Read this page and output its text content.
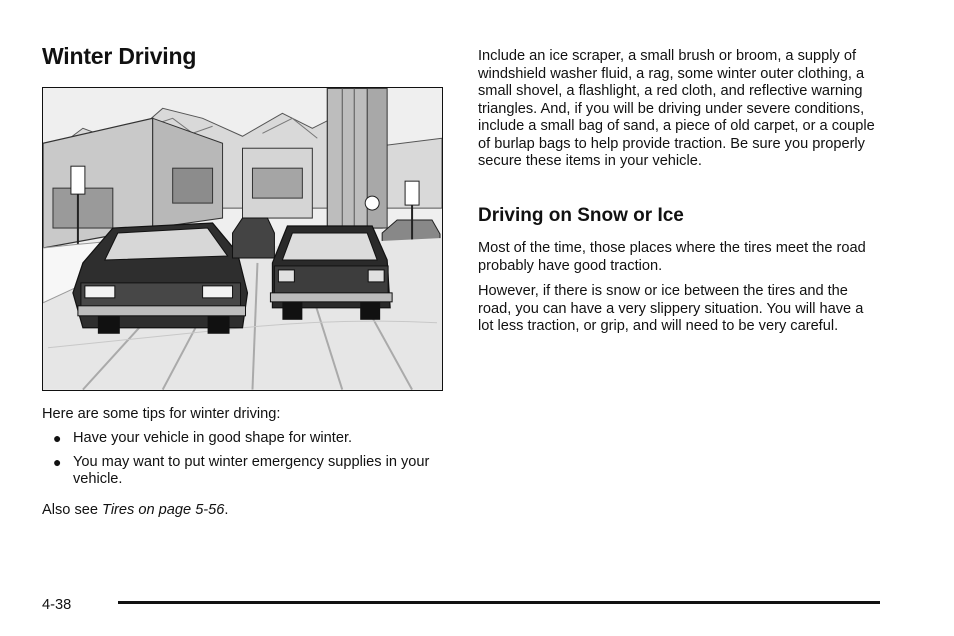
Winter Driving

Here are some tips for winter driving:

● Have your vehicle in good shape for winter.
● You may want to put winter emergency supplies in your vehicle.

Also see Tires on page 5-56.

Include an ice scraper, a small brush or broom, a supply of windshield washer fluid, a rag, some winter outer clothing, a small shovel, a flashlight, a red cloth, and reflective warning triangles. And, if you will be driving under severe conditions, include a small bag of sand, a piece of old carpet, or a couple of burlap bags to help provide traction. Be sure you properly secure these items in your vehicle.

Driving on Snow or Ice

Most of the time, those places where the tires meet the road probably have good traction.

However, if there is snow or ice between the tires and the road, you can have a very slippery situation. You will have a lot less traction, or grip, and will need to be very careful.

4-38
